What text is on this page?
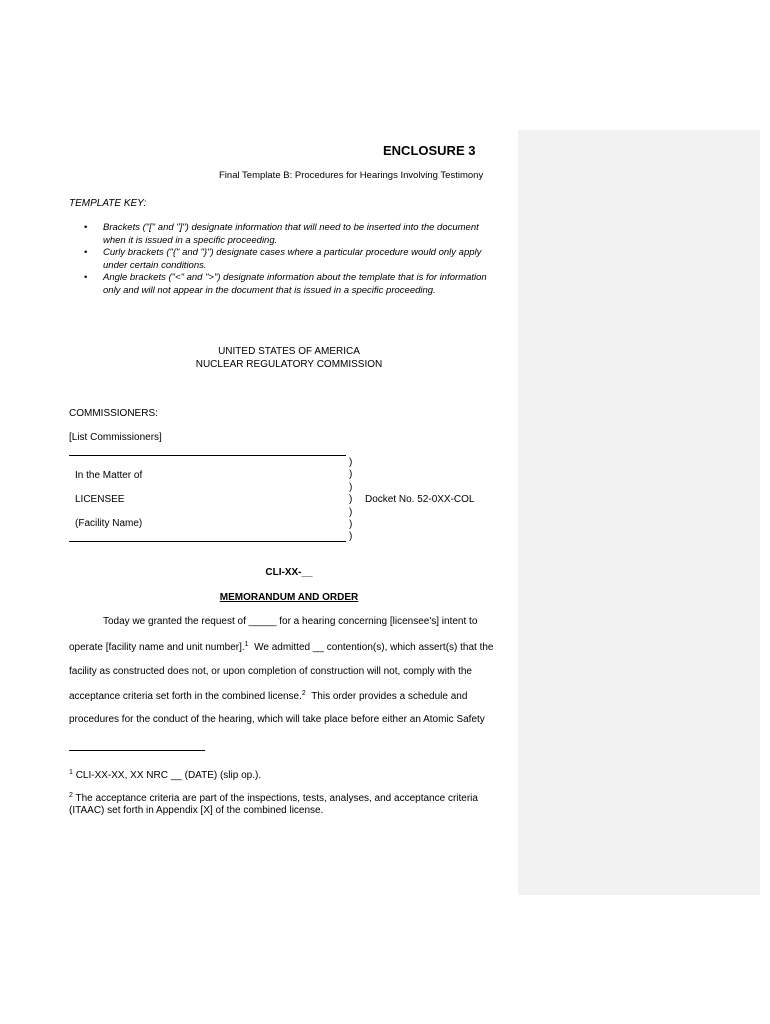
ENCLOSURE 3
Final Template B: Procedures for Hearings Involving Testimony
TEMPLATE KEY:
• Brackets ("[" and "]") designate information that will need to be inserted into the document when it is issued in a specific proceeding.
• Curly brackets ("{" and "}") designate cases where a particular procedure would only apply under certain conditions.
• Angle brackets ("<" and ">") designate information about the template that is for information only and will not appear in the document that is issued in a specific proceeding.
UNITED STATES OF AMERICA
NUCLEAR REGULATORY COMMISSION
COMMISSIONERS:
[List Commissioners]
In the Matter of
LICENSEE
(Facility Name)
)
)
)
)
)
)
)
Docket No. 52-0XX-COL
CLI-XX-__
MEMORANDUM AND ORDER
Today we granted the request of _____ for a hearing concerning [licensee's] intent to
operate [facility name and unit number].$^1$ We admitted __ contention(s), which assert(s) that the
facility as constructed does not, or upon completion of construction will not, comply with the
acceptance criteria set forth in the combined license.$^2$ This order provides a schedule and
procedures for the conduct of the hearing, which will take place before either an Atomic Safety
$^1$ CLI-XX-XX, XX NRC __ (DATE) (slip op.).
$^2$ The acceptance criteria are part of the inspections, tests, analyses, and acceptance criteria (ITAAC) set forth in Appendix [X] of the combined license.
